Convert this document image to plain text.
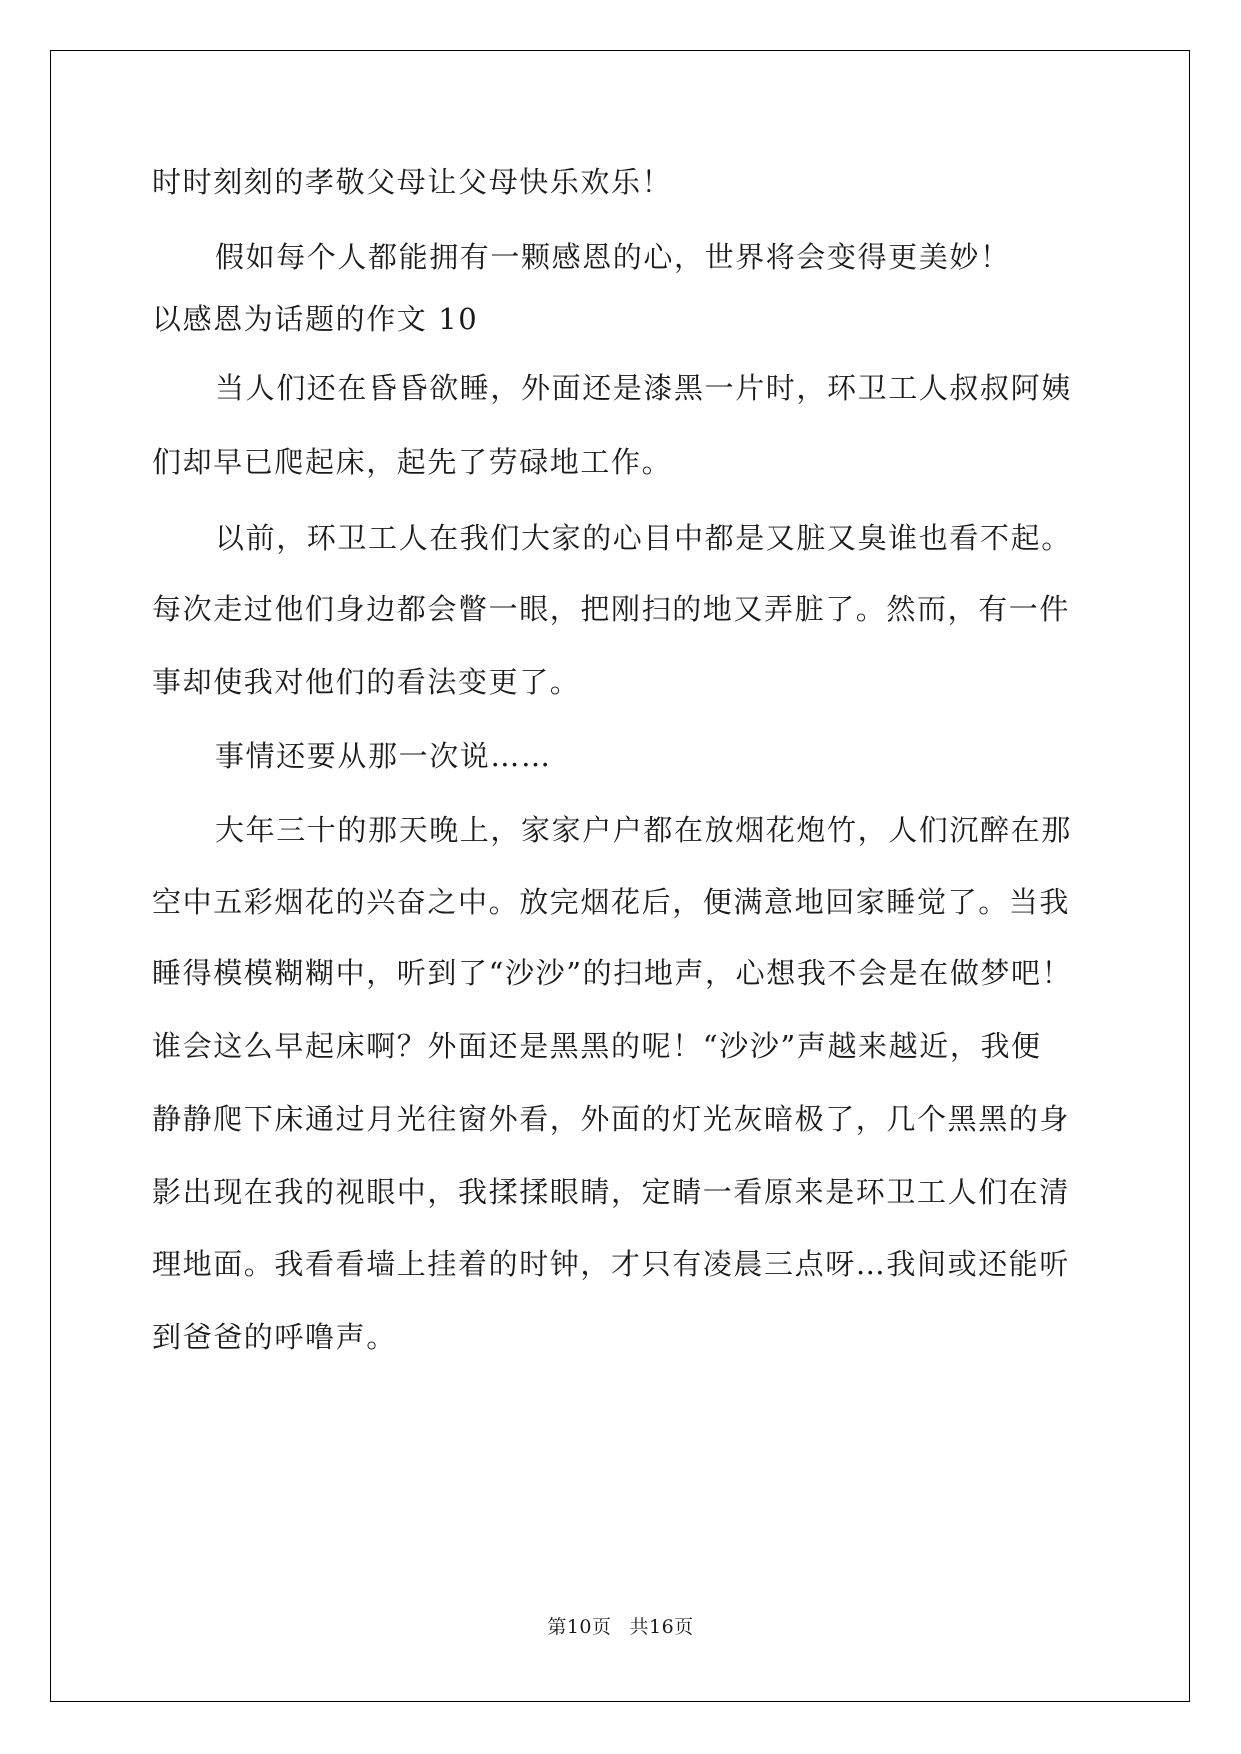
时时刻刻的孝敬父母让父母快乐欢乐！
假如每个人都能拥有一颗感恩的心，世界将会变得更美妙！
以感恩为话题的作文 10
当人们还在昏昏欲睡，外面还是漆黑一片时，环卫工人叔叔阿姨
们却早已爬起床，起先了劳碌地工作。
以前，环卫工人在我们大家的心目中都是又脏又臭谁也看不起。
每次走过他们身边都会瞥一眼，把刚扫的地又弄脏了。然而，有一件
事却使我对他们的看法变更了。
事情还要从那一次说……
大年三十的那天晚上，家家户户都在放烟花炮竹，人们沉醉在那
空中五彩烟花的兴奋之中。放完烟花后，便满意地回家睡觉了。当我
睡得模模糊糊中，听到了“沙沙”的扫地声，心想我不会是在做梦吧！
谁会这么早起床啊？外面还是黑黑的呢！“沙沙”声越来越近，我便
静静爬下床通过月光往窗外看，外面的灯光灰暗极了，几个黑黑的身
影出现在我的视眼中，我揉揉眼睛，定睛一看原来是环卫工人们在清
理地面。我看看墙上挂着的时钟，才只有凌晨三点呀…我间或还能听
到爸爸的呼噜声。
第10页 共16页
